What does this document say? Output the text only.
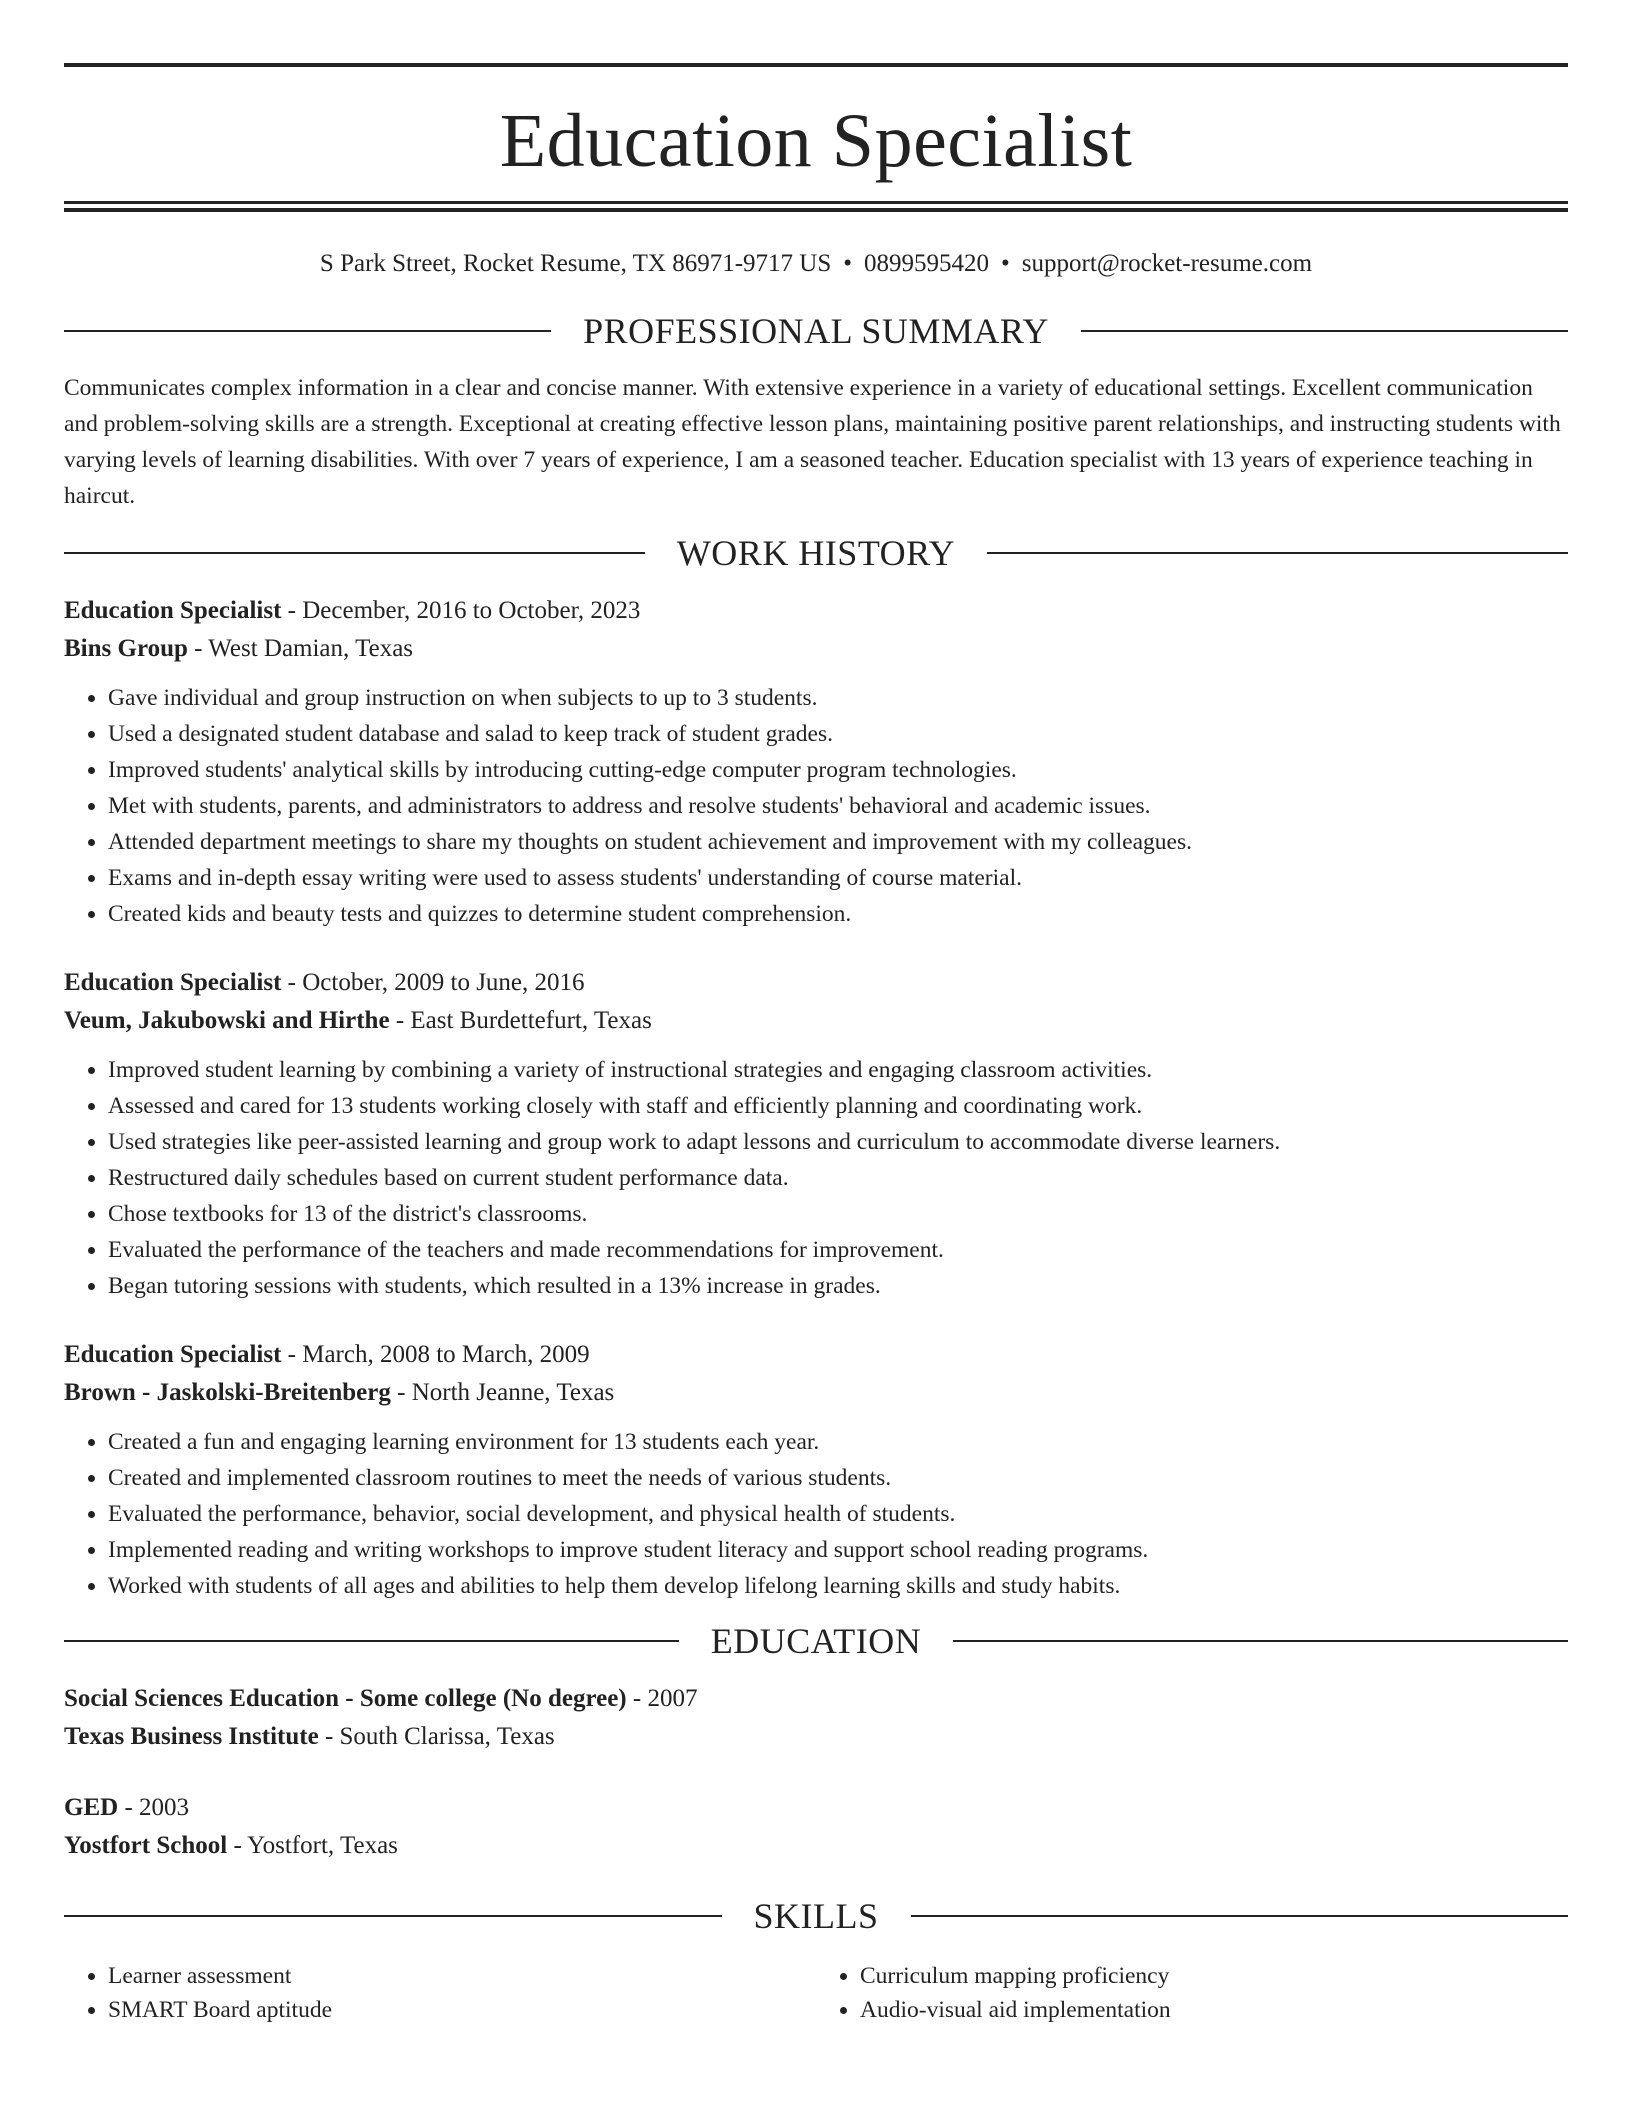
Education Specialist
S Park Street, Rocket Resume, TX 86971-9717 US • 0899595420 • support@rocket-resume.com
PROFESSIONAL SUMMARY

Communicates complex information in a clear and concise manner. With extensive experience in a variety of educational settings. Excellent communication and problem-solving skills are a strength. Exceptional at creating effective lesson plans, maintaining positive parent relationships, and instructing students with varying levels of learning disabilities. With over 7 years of experience, I am a seasoned teacher. Education specialist with 13 years of experience teaching in haircut.

WORK HISTORY
Education Specialist - December, 2016 to October, 2023
Bins Group - West Damian, Texas
• Gave individual and group instruction on when subjects to up to 3 students.
• Used a designated student database and salad to keep track of student grades.
• Improved students' analytical skills by introducing cutting-edge computer program technologies.
• Met with students, parents, and administrators to address and resolve students' behavioral and academic issues.
• Attended department meetings to share my thoughts on student achievement and improvement with my colleagues.
• Exams and in-depth essay writing were used to assess students' understanding of course material.
• Created kids and beauty tests and quizzes to determine student comprehension.
Education Specialist - October, 2009 to June, 2016
Veum, Jakubowski and Hirthe - East Burdettefurt, Texas
• Improved student learning by combining a variety of instructional strategies and engaging classroom activities.
• Assessed and cared for 13 students working closely with staff and efficiently planning and coordinating work.
• Used strategies like peer-assisted learning and group work to adapt lessons and curriculum to accommodate diverse learners.
• Restructured daily schedules based on current student performance data.
• Chose textbooks for 13 of the district's classrooms.
• Evaluated the performance of the teachers and made recommendations for improvement.
• Began tutoring sessions with students, which resulted in a 13% increase in grades.
Education Specialist - March, 2008 to March, 2009
Brown - Jaskolski-Breitenberg - North Jeanne, Texas
• Created a fun and engaging learning environment for 13 students each year.
• Created and implemented classroom routines to meet the needs of various students.
• Evaluated the performance, behavior, social development, and physical health of students.
• Implemented reading and writing workshops to improve student literacy and support school reading programs.
• Worked with students of all ages and abilities to help them develop lifelong learning skills and study habits.
EDUCATION
Social Sciences Education - Some college (No degree) - 2007
Texas Business Institute - South Clarissa, Texas
GED - 2003
Yostfort School - Yostfort, Texas
SKILLS
• Learner assessment
• SMART Board aptitude
• Curriculum mapping proficiency
• Audio-visual aid implementation
